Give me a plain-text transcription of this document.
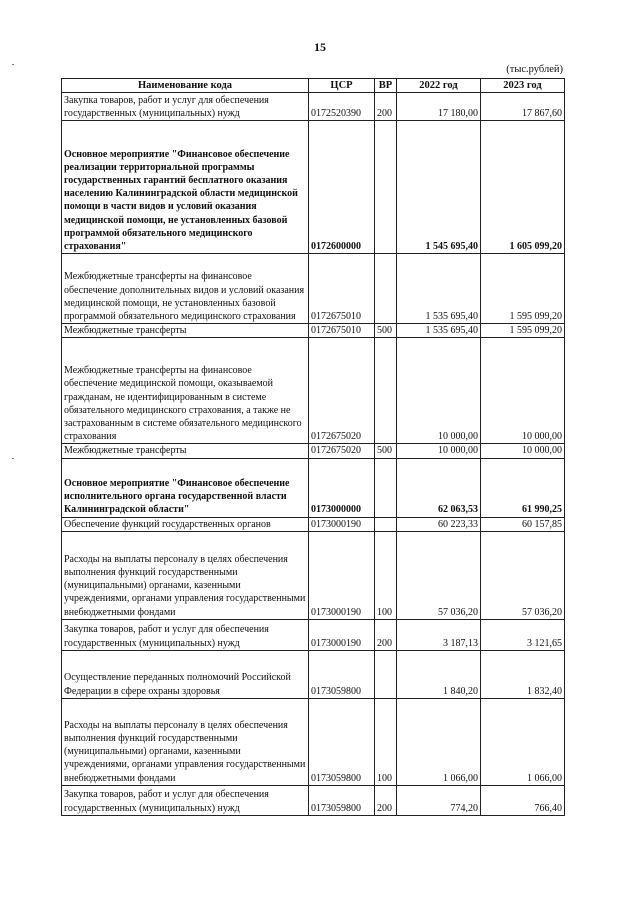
15
(тыс.рублей)
Наименование кода	ЦСР	ВР	2022 год	2023 год
Закупка товаров, работ и услуг для обеспечения государственных (муниципальных) нужд	0172520390	200	17 180,00	17 867,60
Основное мероприятие "Финансовое обеспечение реализации территориальной программы государственных гарантий бесплатного оказания населению Калининградской области медицинской помощи в части видов и условий оказания медицинской помощи, не установленных базовой программой обязательного медицинского страхования"	0172600000		1 545 695,40	1 605 099,20
Межбюджетные трансферты на финансовое обеспечение дополнительных видов и условий оказания медицинской помощи, не установленных базовой программой обязательного медицинского страхования	0172675010		1 535 695,40	1 595 099,20
Межбюджетные трансферты	0172675010	500	1 535 695,40	1 595 099,20
Межбюджетные трансферты на финансовое обеспечение медицинской помощи, оказываемой гражданам, не идентифицированным в системе обязательного медицинского страхования, а также не застрахованным в системе обязательного медицинского страхования	0172675020		10 000,00	10 000,00
Межбюджетные трансферты	0172675020	500	10 000,00	10 000,00
Основное мероприятие "Финансовое обеспечение исполнительного органа государственной власти Калининградской области"	0173000000		62 063,53	61 990,25
Обеспечение функций государственных органов	0173000190		60 223,33	60 157,85
Расходы на выплаты персоналу в целях обеспечения выполнения функций государственными (муниципальными) органами, казенными учреждениями, органами управления государственными внебюджетными фондами	0173000190	100	57 036,20	57 036,20
Закупка товаров, работ и услуг для обеспечения государственных (муниципальных) нужд	0173000190	200	3 187,13	3 121,65
Осуществление переданных полномочий Российской Федерации в сфере охраны здоровья	0173059800		1 840,20	1 832,40
Расходы на выплаты персоналу в целях обеспечения выполнения функций государственными (муниципальными) органами, казенными учреждениями, органами управления государственными внебюджетными фондами	0173059800	100	1 066,00	1 066,00
Закупка товаров, работ и услуг для обеспечения государственных (муниципальных) нужд	0173059800	200	774,20	766,40
